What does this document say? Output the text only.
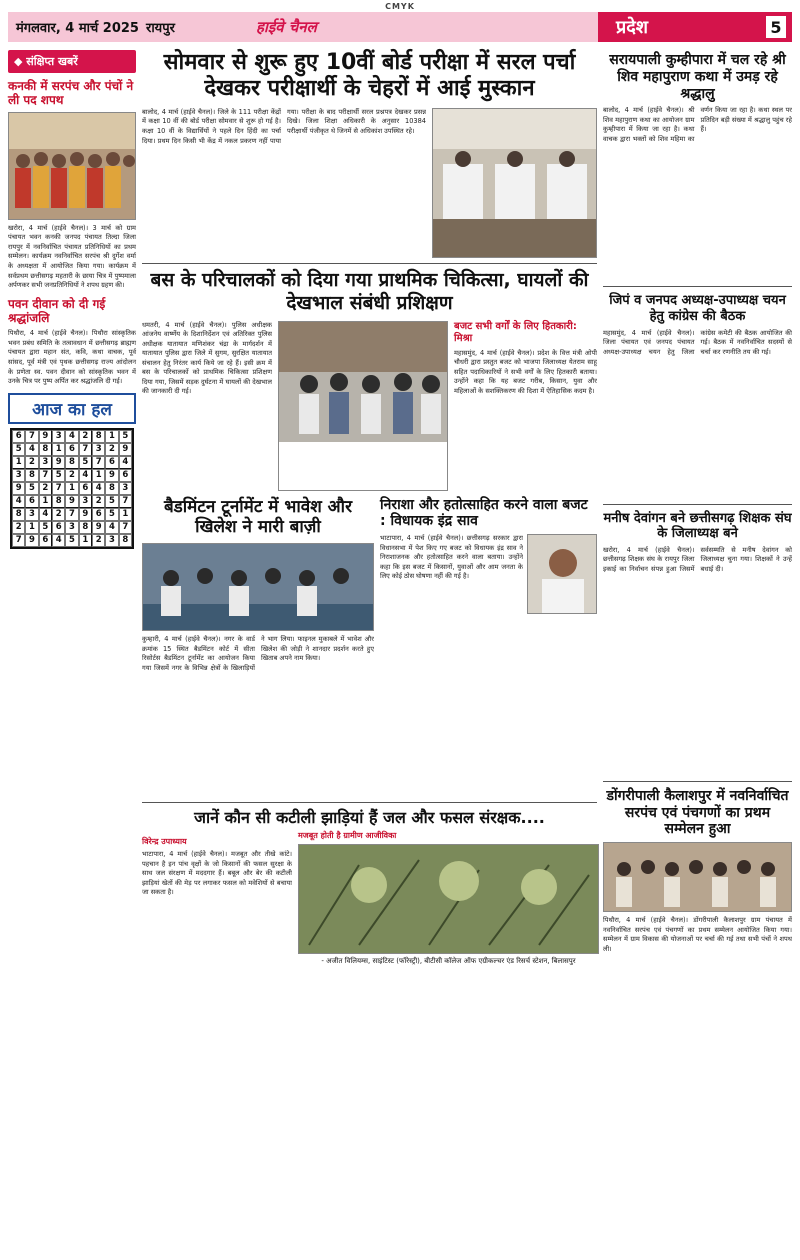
CMYK
मंगलवार, 4 मार्च 2025 रायपुर	हाईवे चैनल	प्रदेश	5
◆ संक्षिप्त खबरें
कनकी में सरपंच और पंचों ने ली पद शपथ
खरोरा, 4 मार्च (हाईवे चैनल)। 3 मार्च को ग्राम पंचायत भवन कनकी जनपद पंचायत तिल्दा जिला रायपुर में नवनिर्वाचित पंचायत प्रतिनिधियों का प्रथम सम्मेलन। कार्यक्रम नवनिर्वाचित सरपंच श्री दुर्गेश वर्मा के अध्यक्षता में आयोजित किया गया। कार्यक्रम में सर्वप्रथम छत्तीसगढ़ महतारी के छाया चित्र में पुष्पमाला अर्पणकर सभी जनप्रतिनिधियों ने शपथ ग्रहण की।
पवन दीवान को दी गई श्रद्धांजलि
पिथौरा, 4 मार्च (हाईवे चैनल)। पिथौरा सांस्कृतिक भवन प्रबंध समिति के तत्वावधान में छत्तीसगढ़ ब्राह्मण पंचायत द्वारा महान संत, कवि, कथा वाचक, पूर्व सांसद, पूर्व मंत्री एवं पृथक छत्तीसगढ़ राज्य आंदोलन के प्रणेता स्व. पवन दीवान को सांस्कृतिक भवन में उनके चित्र पर पुष्प अर्पित कर श्रद्धांजलि दी गई।
आज का हल
6 7 9 3 4 2 8 1 5
5 4 8 1 6 7 3 2 9
1 2 3 9 8 5 7 6 4
3 8 7 5 2 4 1 9 6
9 5 2 7 1 6 4 8 3
4 6 1 8 9 3 2 5 7
8 3 4 2 7 9 6 5 1
2 1 5 6 3 8 9 4 7
7 9 6 4 5 1 2 3 8
सोमवार से शुरू हुए 10वीं बोर्ड परीक्षा में सरल पर्चा देखकर परीक्षार्थी के चेहरों में आई मुस्कान
बालोद, 4 मार्च (हाईवे चैनल)। जिले के 111 परीक्षा केंद्रों में कक्षा 10 वीं की बोर्ड परीक्षा सोमवार से शुरू हो गई है। कक्षा 10 वीं के विद्यार्थियों ने पहले दिन हिंदी का पर्चा दिया। प्रथम दिन किसी भी केंद्र में नकल प्रकरण नहीं पाया गया। परीक्षा के बाद परीक्षार्थी सरल प्रश्नपत्र देखकर प्रसन्न दिखे। जिला शिक्षा अधिकारी के अनुसार 10384 परीक्षार्थी पंजीकृत थे जिनमें से अधिकांश उपस्थित रहे।
बस के परिचालकों को दिया गया प्राथमिक चिकित्सा, घायलों की देखभाल संबंधी प्रशिक्षण
धमतरी, 4 मार्च (हाईवे चैनल)। पुलिस अधीक्षक आंजनेय वार्ष्णेय के दिशानिर्देशन एवं अतिरिक्त पुलिस अधीक्षक यातायात मणिशंकर चंद्रा के मार्गदर्शन में यातायात पुलिस द्वारा जिले में सुगम, सुरक्षित यातायात संचालन हेतु निरंतर कार्य किये जा रहे हैं। इसी क्रम में बस के परिचालकों को प्राथमिक चिकित्सा प्रशिक्षण दिया गया, जिसमें सड़क दुर्घटना में घायलों की देखभाल की जानकारी दी गई।
बजट सभी वर्गों के लिए हितकारी: मिश्रा
महासमुंद, 4 मार्च (हाईवे चैनल)। प्रदेश के वित्त मंत्री ओपी चौधरी द्वारा प्रस्तुत बजट को भाजपा जिलाध्यक्ष येतराम साहू सहित पदाधिकारियों ने सभी वर्गों के लिए हितकारी बताया। उन्होंने कहा कि यह बजट गरीब, किसान, युवा और महिलाओं के सशक्तिकरण की दिशा में ऐतिहासिक कदम है।
बैडमिंटन टूर्नामेंट में भावेश और खिलेश ने मारी बाज़ी
कुम्हारी, 4 मार्च (हाईवे चैनल)। नगर के वार्ड क्रमांक 15 स्थित बैडमिंटन कोर्ट में सीता रिसोर्टस बैडमिंटन टूर्नामेंट का आयोजन किया गया जिसमें नगर के विभिन्न क्षेत्रों के खिलाड़ियों ने भाग लिया। फाइनल मुकाबले में भावेश और खिलेश की जोड़ी ने शानदार प्रदर्शन करते हुए खिताब अपने नाम किया।
निराशा और हतोत्साहित करने वाला बजट : विधायक इंद्र साव
भाटापारा, 4 मार्च (हाईवे चैनल)। छत्तीसगढ़ सरकार द्वारा विधानसभा में पेश किए गए बजट को विधायक इंद्र साव ने निराशाजनक और हतोत्साहित करने वाला बताया। उन्होंने कहा कि इस बजट में किसानों, युवाओं और आम जनता के लिए कोई ठोस घोषणा नहीं की गई है।
जानें कौन सी कटीली झाड़ियां हैं जल और फसल संरक्षक....
विरेन्द्र उपाध्याय
भाटापारा, 4 मार्च (हाईवे चैनल)। मजबूत और तीखे कांटे। पहचान है इन पांच वृक्षों के जो किसानों की फसल सुरक्षा के साथ जल संरक्षण में मददगार हैं। बबूल और बेर की कटीली झाड़ियां खेतों की मेड़ पर लगाकर फसल को मवेशियों से बचाया जा सकता है।
मजबूत होती है ग्रामीण आजीविका
- अजीत विलियम्स, साइंटिस्ट (फॉरेस्ट्री), बीटीसी कॉलेज ऑफ एग्रीकल्चर एंड रिसर्च स्टेशन, बिलासपुर
सरायपाली कुम्हीपारा में चल रहे श्री शिव महापुराण कथा में उमड़ रहे श्रद्धालु
बालोद, 4 मार्च (हाईवे चैनल)। श्री शिव महापुराण कथा का आयोजन ग्राम कुम्हीपारा में किया जा रहा है। कथा वाचक द्वारा भक्तों को शिव महिमा का वर्णन किया जा रहा है। कथा स्थल पर प्रतिदिन बड़ी संख्या में श्रद्धालु पहुंच रहे हैं।
जिपं व जनपद अध्यक्ष-उपाध्यक्ष चयन हेतु कांग्रेस की बैठक
महासमुंद, 4 मार्च (हाईवे चैनल)। जिला पंचायत एवं जनपद पंचायत अध्यक्ष-उपाध्यक्ष चयन हेतु जिला कांग्रेस कमेटी की बैठक आयोजित की गई। बैठक में नवनिर्वाचित सदस्यों से चर्चा कर रणनीति तय की गई।
मनीष देवांगन बने छत्तीसगढ़ शिक्षक संघ के जिलाध्यक्ष बने
खरोरा, 4 मार्च (हाईवे चैनल)। छत्तीसगढ़ शिक्षक संघ के रायपुर जिला इकाई का निर्वाचन संपन्न हुआ जिसमें सर्वसम्मति से मनीष देवांगन को जिलाध्यक्ष चुना गया। शिक्षकों ने उन्हें बधाई दी।
डोंगरीपाली कैलाशपुर में नवनिर्वाचित सरपंच एवं पंचगणों का प्रथम सम्मेलन हुआ
पिथौरा, 4 मार्च (हाईवे चैनल)। डोंगरीपाली कैलाशपुर ग्राम पंचायत में नवनिर्वाचित सरपंच एवं पंचगणों का प्रथम सम्मेलन आयोजित किया गया। सम्मेलन में ग्राम विकास की योजनाओं पर चर्चा की गई तथा सभी पंचों ने शपथ ली।
